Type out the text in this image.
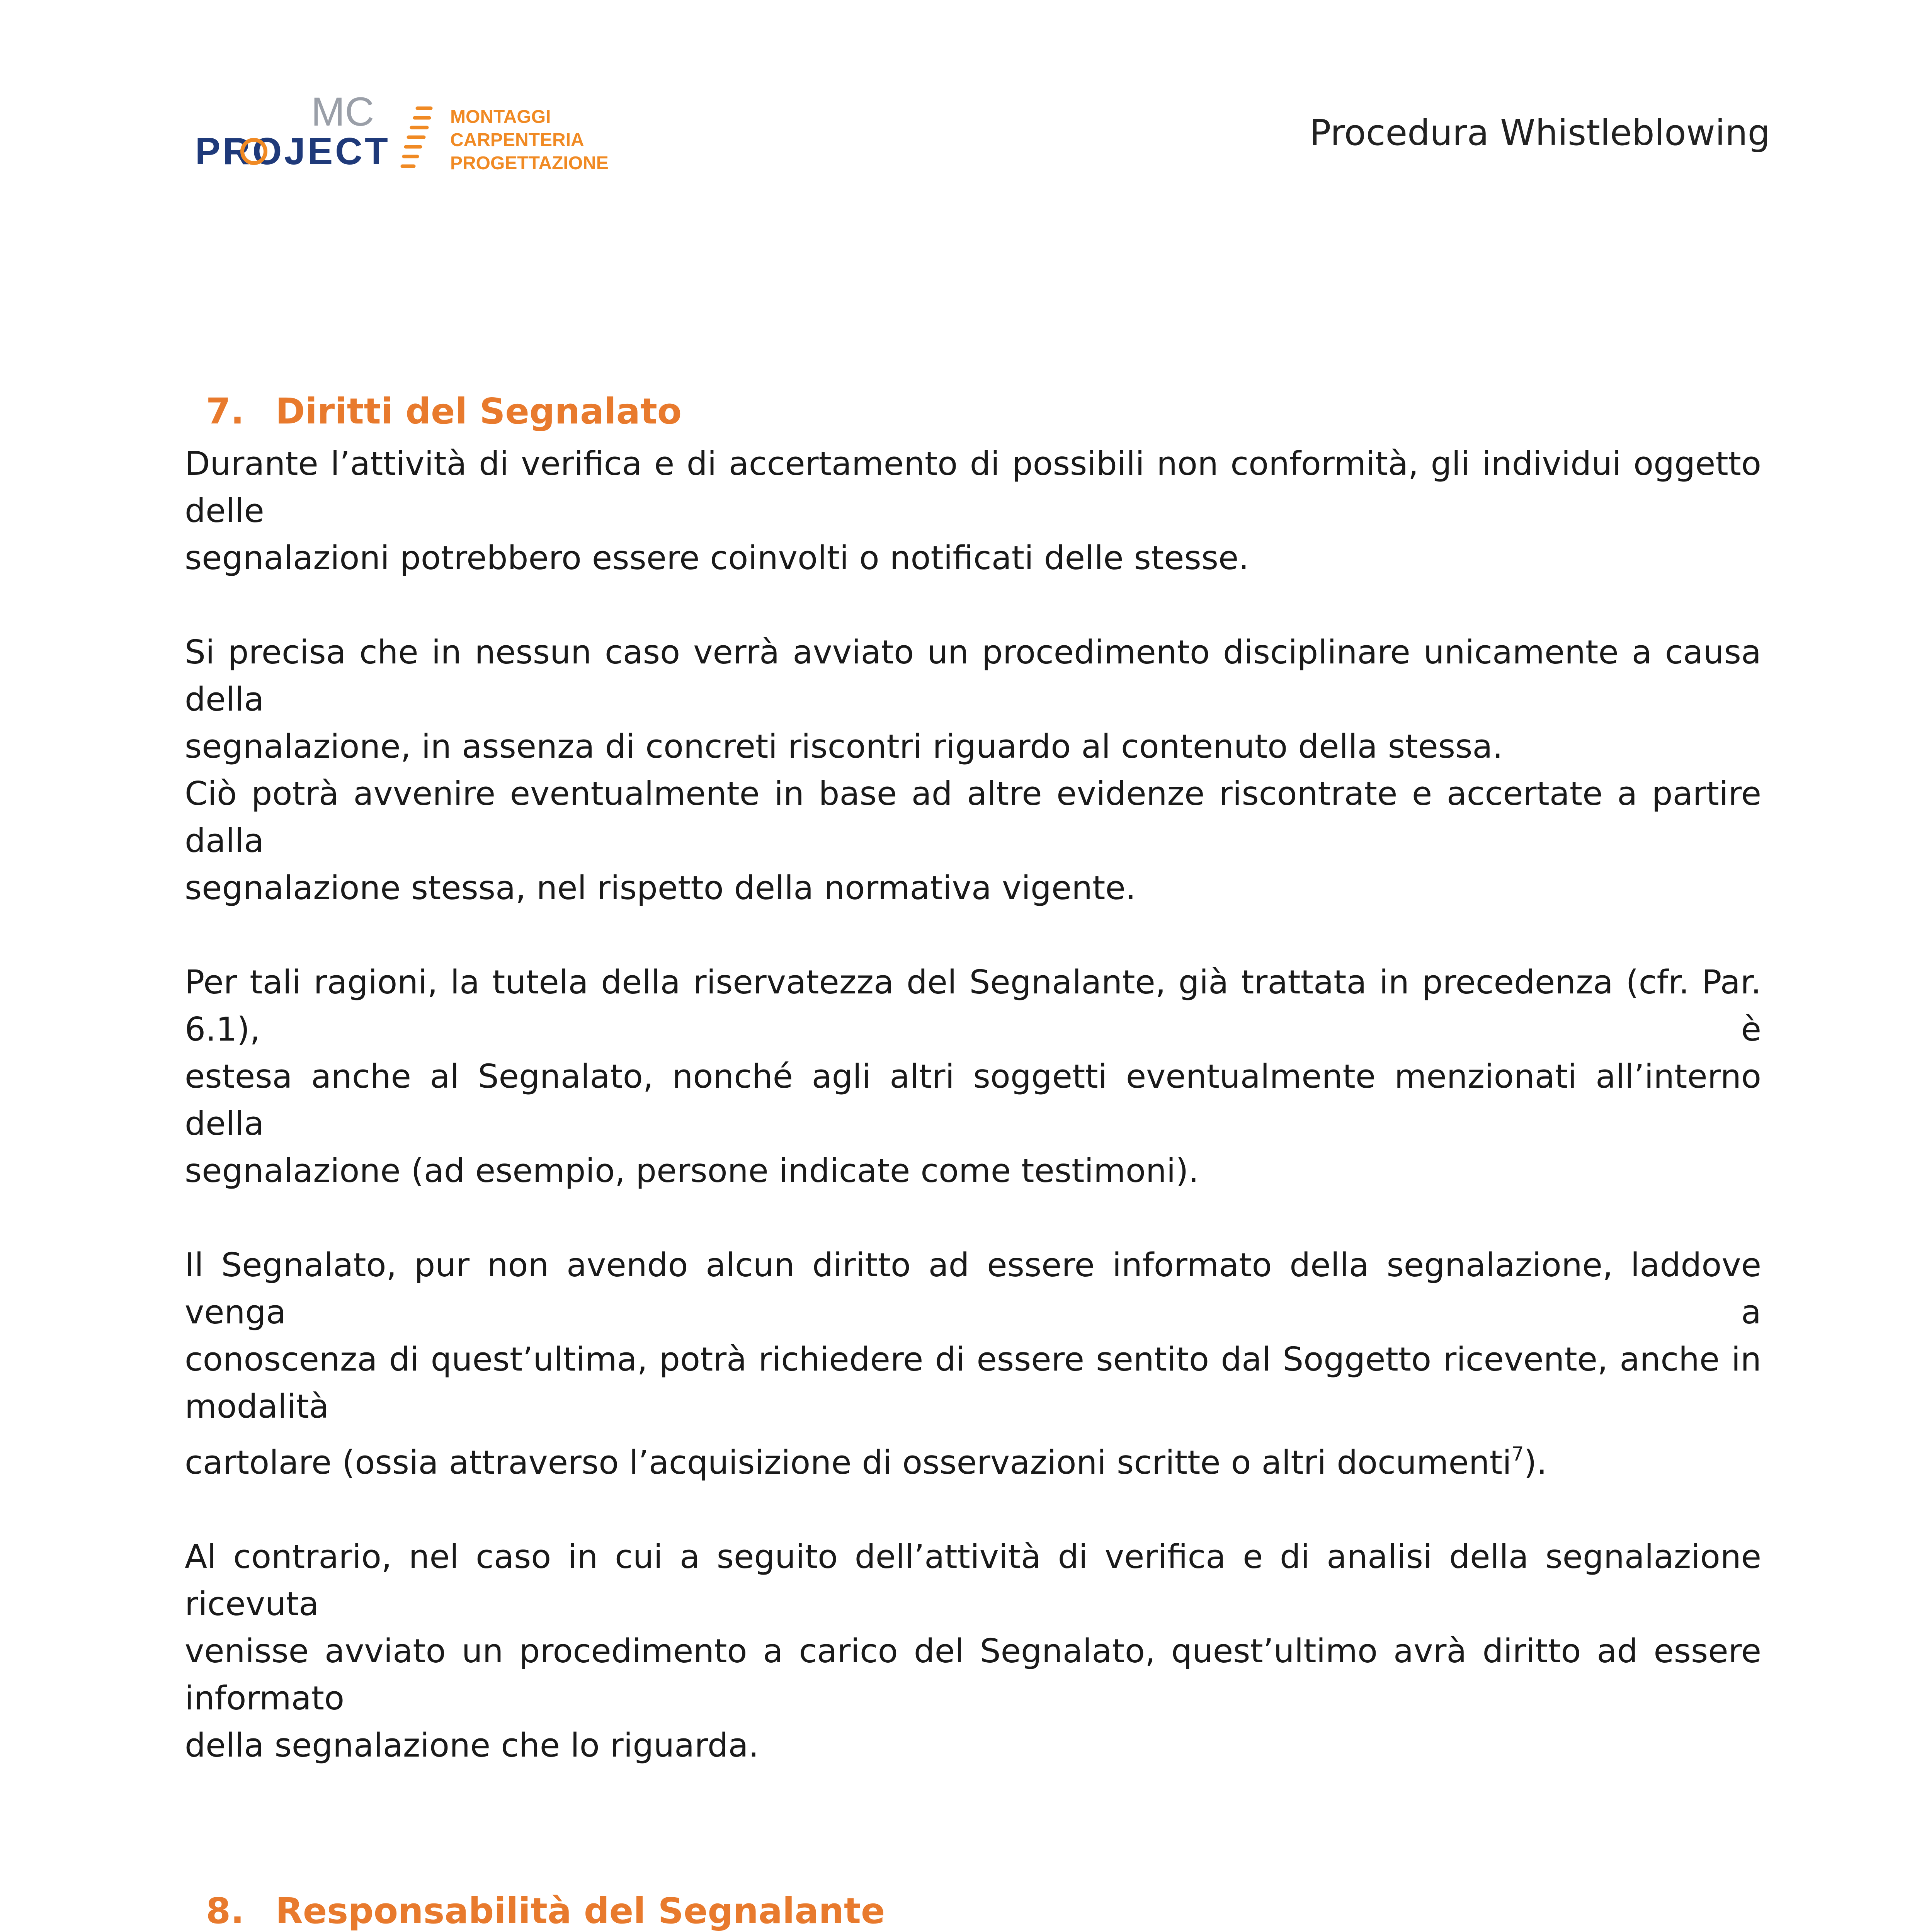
MC
PROJECT
MONTAGGI
CARPENTERIA
PROGETTAZIONE
Procedura Whistleblowing
7. Diritti del Segnalato

Durante l’attività di verifica e di accertamento di possibili non conformità, gli individui oggetto delle
segnalazioni potrebbero essere coinvolti o notificati delle stesse.

Si precisa che in nessun caso verrà avviato un procedimento disciplinare unicamente a causa della
segnalazione, in assenza di concreti riscontri riguardo al contenuto della stessa.

Ciò potrà avvenire eventualmente in base ad altre evidenze riscontrate e accertate a partire dalla
segnalazione stessa, nel rispetto della normativa vigente.

Per tali ragioni, la tutela della riservatezza del Segnalante, già trattata in precedenza (cfr. Par. 6.1), è
estesa anche al Segnalato, nonché agli altri soggetti eventualmente menzionati all’interno della
segnalazione (ad esempio, persone indicate come testimoni).

Il Segnalato, pur non avendo alcun diritto ad essere informato della segnalazione, laddove venga a
conoscenza di quest’ultima, potrà richiedere di essere sentito dal Soggetto ricevente, anche in modalità
cartolare (ossia attraverso l’acquisizione di osservazioni scritte o altri documenti$^7$).

Al contrario, nel caso in cui a seguito dell’attività di verifica e di analisi della segnalazione ricevuta
venisse avviato un procedimento a carico del Segnalato, quest’ultimo avrà diritto ad essere informato
della segnalazione che lo riguarda.

8. Responsabilità del Segnalante
